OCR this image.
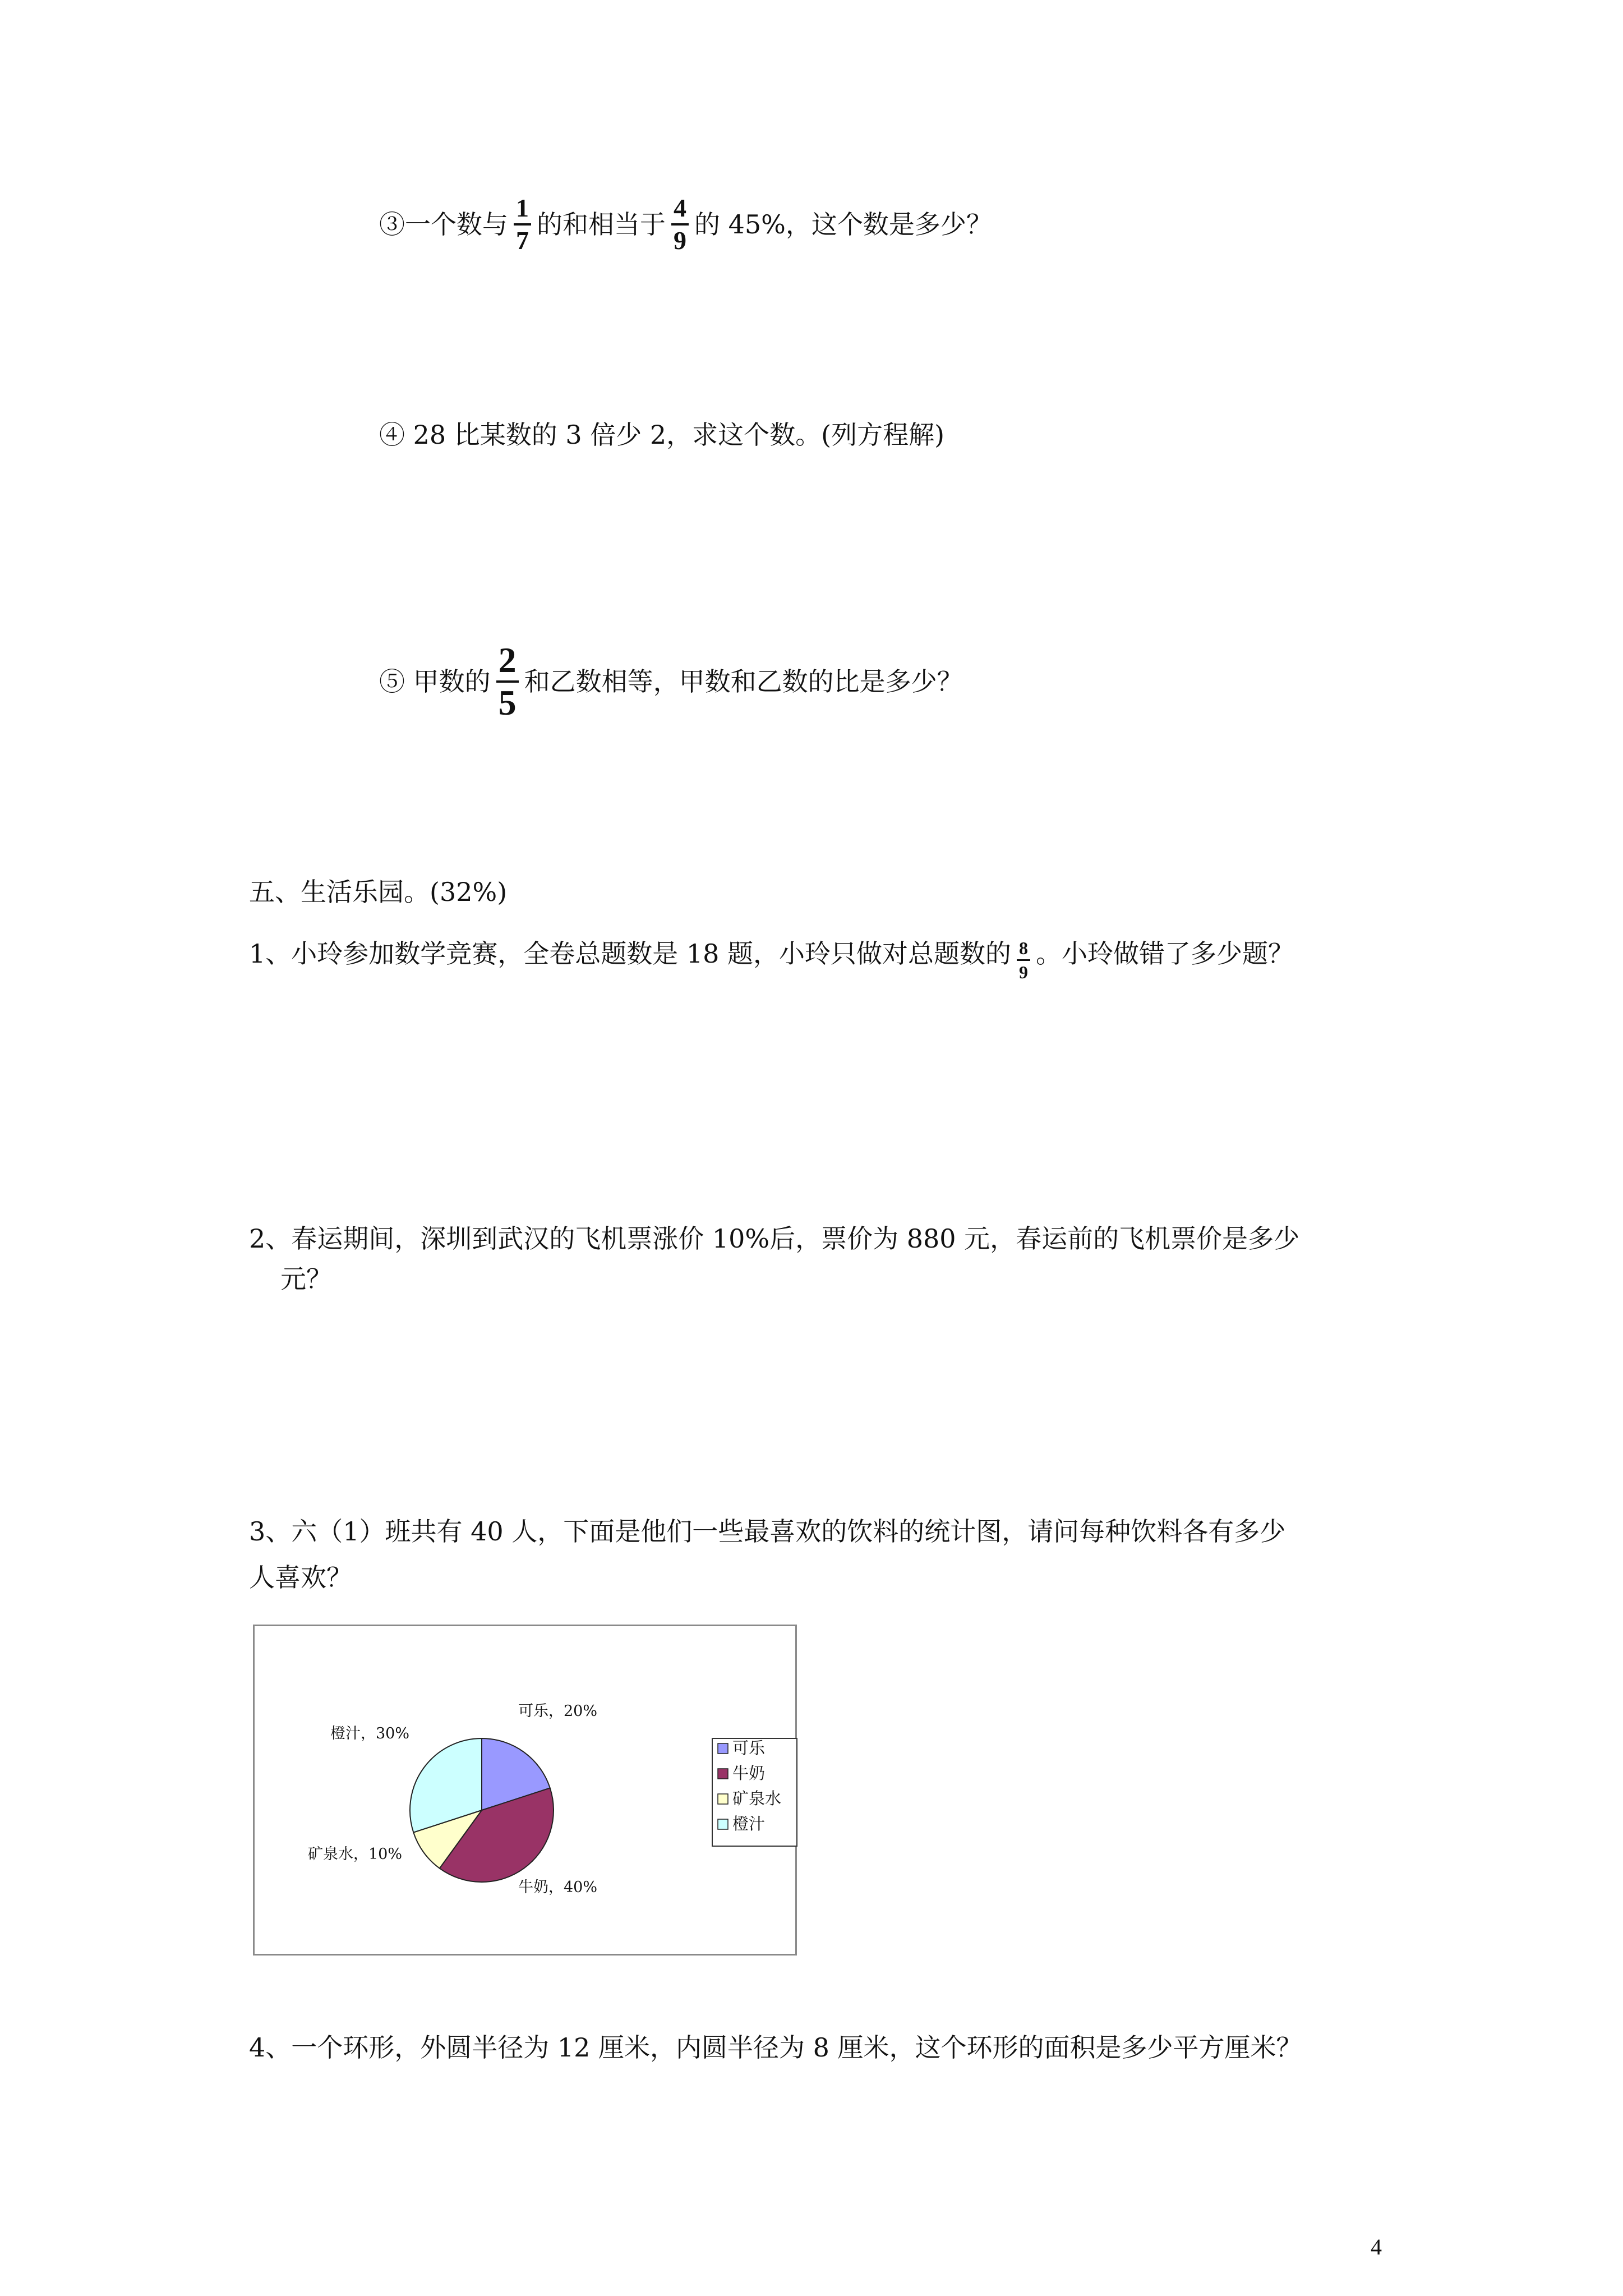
③一个数与 $\frac{1}{7}$ 的和相当于 $\frac{4}{9}$ 的 45%，这个数是多少？
④ 28 比某数的 3 倍少 2，求这个数。(列方程解)
⑤ 甲数的 $\frac{2}{5}$ 和乙数相等，甲数和乙数的比是多少？
五、生活乐园。(32%)
1、小玲参加数学竞赛，全卷总题数是 18 题，小玲只做对总题数的 $\frac{8}{9}$ 。小玲做错了多少题？
2、春运期间，深圳到武汉的飞机票涨价 10%后，票价为 880 元，春运前的飞机票价是多少
元？
3、六（1）班共有 40 人，下面是他们一些最喜欢的饮料的统计图，请问每种饮料各有多少
人喜欢？
可乐，20%
牛奶，40%
矿泉水，10%
橙汁，30%
可乐
牛奶
矿泉水
橙汁
4、一个环形，外圆半径为 12 厘米，内圆半径为 8 厘米，这个环形的面积是多少平方厘米？
4
